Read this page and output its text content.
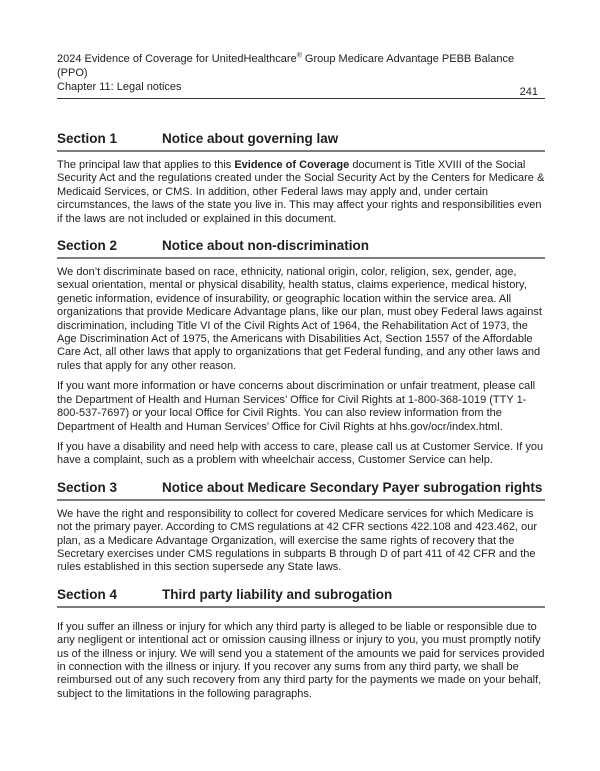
2024 Evidence of Coverage for UnitedHealthcare® Group Medicare Advantage PEBB Balance (PPO)
Chapter 11: Legal notices	241
Section 1	Notice about governing law

The principal law that applies to this Evidence of Coverage document is Title XVIII of the Social Security Act and the regulations created under the Social Security Act by the Centers for Medicare & Medicaid Services, or CMS. In addition, other Federal laws may apply and, under certain circumstances, the laws of the state you live in. This may affect your rights and responsibilities even if the laws are not included or explained in this document.

Section 2	Notice about non-discrimination

We don’t discriminate based on race, ethnicity, national origin, color, religion, sex, gender, age, sexual orientation, mental or physical disability, health status, claims experience, medical history, genetic information, evidence of insurability, or geographic location within the service area. All organizations that provide Medicare Advantage plans, like our plan, must obey Federal laws against discrimination, including Title VI of the Civil Rights Act of 1964, the Rehabilitation Act of 1973, the Age Discrimination Act of 1975, the Americans with Disabilities Act, Section 1557 of the Affordable Care Act, all other laws that apply to organizations that get Federal funding, and any other laws and rules that apply for any other reason.

If you want more information or have concerns about discrimination or unfair treatment, please call the Department of Health and Human Services’ Office for Civil Rights at 1-800-368-1019 (TTY 1-800-537-7697) or your local Office for Civil Rights. You can also review information from the Department of Health and Human Services’ Office for Civil Rights at hhs.gov/ocr/index.html.

If you have a disability and need help with access to care, please call us at Customer Service. If you have a complaint, such as a problem with wheelchair access, Customer Service can help.

Section 3	Notice about Medicare Secondary Payer subrogation rights

We have the right and responsibility to collect for covered Medicare services for which Medicare is not the primary payer. According to CMS regulations at 42 CFR sections 422.108 and 423.462, our plan, as a Medicare Advantage Organization, will exercise the same rights of recovery that the Secretary exercises under CMS regulations in subparts B through D of part 411 of 42 CFR and the rules established in this section supersede any State laws.

Section 4	Third party liability and subrogation

If you suffer an illness or injury for which any third party is alleged to be liable or responsible due to any negligent or intentional act or omission causing illness or injury to you, you must promptly notify us of the illness or injury. We will send you a statement of the amounts we paid for services provided in connection with the illness or injury. If you recover any sums from any third party, we shall be reimbursed out of any such recovery from any third party for the payments we made on your behalf, subject to the limitations in the following paragraphs.
